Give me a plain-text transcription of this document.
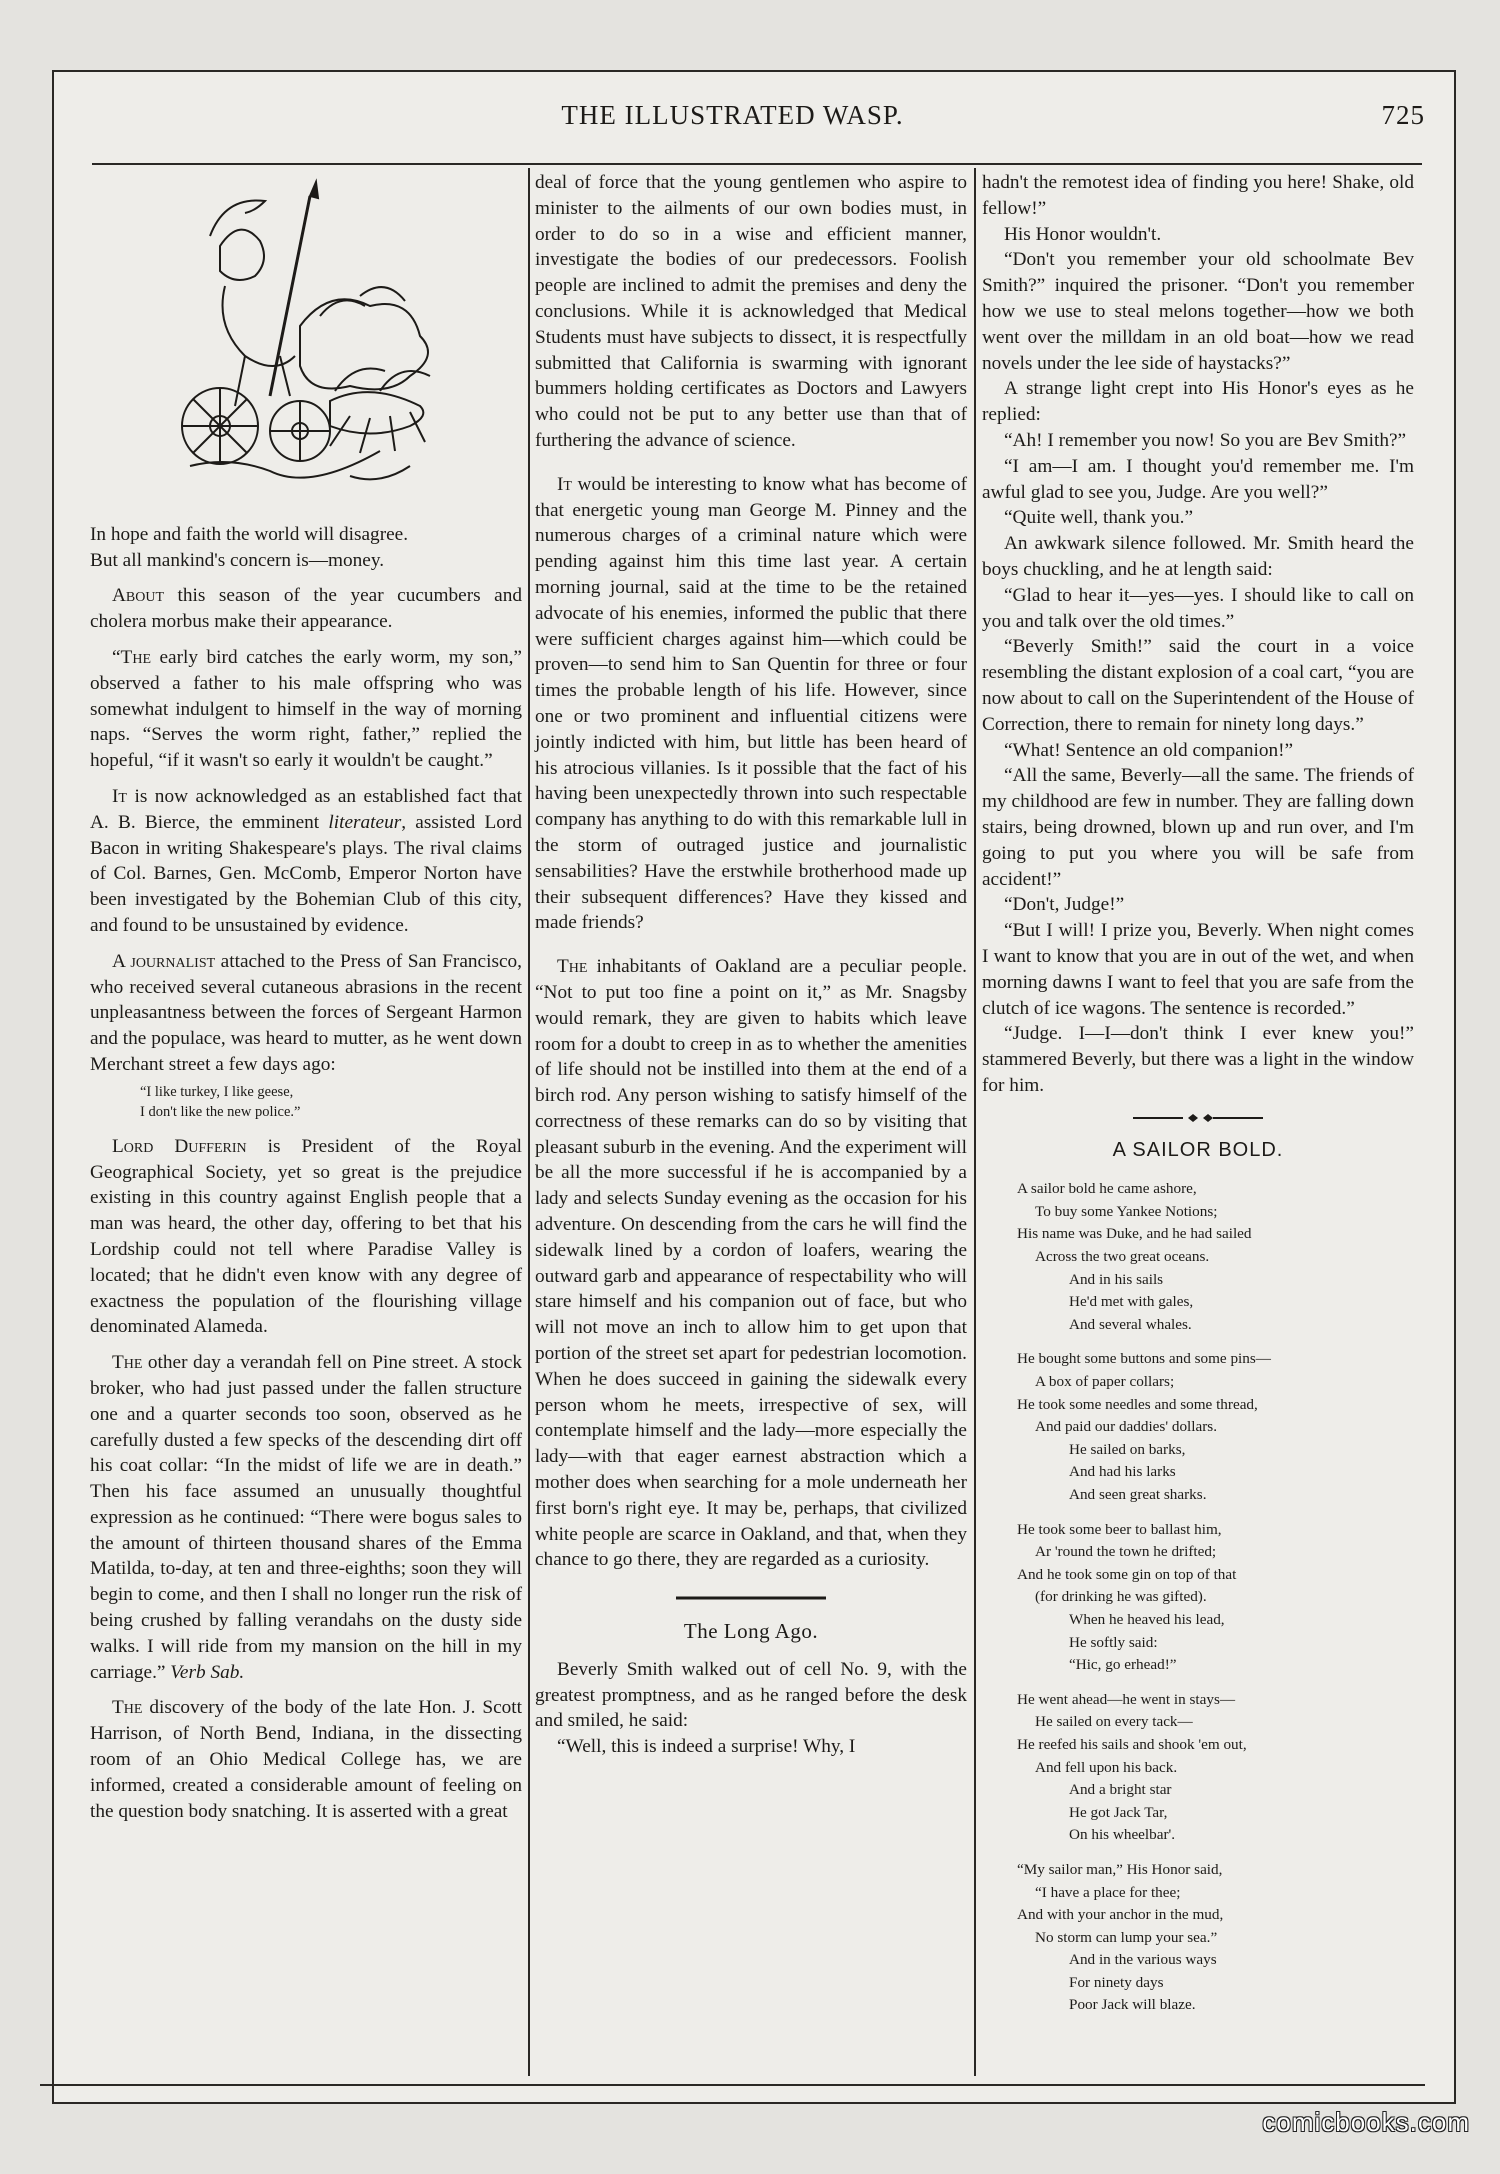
THE ILLUSTRATED WASP.	725

In hope and faith the world will disagree.

But all mankind's concern is—money.

About this season of the year cucumbers and cholera morbus make their appearance.

“The early bird catches the early worm, my son,” observed a father to his male offspring who was somewhat indulgent to himself in the way of morning naps. “Serves the worm right, father,” replied the hopeful, “if it wasn't so early it wouldn't be caught.”

It is now acknowledged as an established fact that A. B. Bierce, the emminent literateur, assisted Lord Bacon in writing Shakespeare's plays. The rival claims of Col. Barnes, Gen. McComb, Emperor Norton have been investigated by the Bohemian Club of this city, and found to be unsustained by evidence.

A journalist attached to the Press of San Francisco, who received several cutaneous abrasions in the recent unpleasantness between the forces of Sergeant Harmon and the populace, was heard to mutter, as he went down Merchant street a few days ago:

“I like turkey, I like geese,
I don't like the new police.”

Lord Dufferin is President of the Royal Geographical Society, yet so great is the prejudice existing in this country against English people that a man was heard, the other day, offering to bet that his Lordship could not tell where Paradise Valley is located; that he didn't even know with any degree of exactness the population of the flourishing village denominated Alameda.

The other day a verandah fell on Pine street. A stock broker, who had just passed under the fallen structure one and a quarter seconds too soon, observed as he carefully dusted a few specks of the descending dirt off his coat collar: “In the midst of life we are in death.” Then his face assumed an unusually thoughtful expression as he continued: “There were bogus sales to the amount of thirteen thousand shares of the Emma Matilda, to-day, at ten and three-eighths; soon they will begin to come, and then I shall no longer run the risk of being crushed by falling verandahs on the dusty side walks. I will ride from my mansion on the hill in my carriage.” Verb Sab.

The discovery of the body of the late Hon. J. Scott Harrison, of North Bend, Indiana, in the dissecting room of an Ohio Medical College has, we are informed, created a considerable amount of feeling on the question body snatching. It is asserted with a great

deal of force that the young gentlemen who aspire to minister to the ailments of our own bodies must, in order to do so in a wise and efficient manner, investigate the bodies of our predecessors. Foolish people are inclined to admit the premises and deny the conclusions. While it is acknowledged that Medical Students must have subjects to dissect, it is respectfully submitted that California is swarming with ignorant bummers holding certificates as Doctors and Lawyers who could not be put to any better use than that of furthering the advance of science.

It would be interesting to know what has become of that energetic young man George M. Pinney and the numerous charges of a criminal nature which were pending against him this time last year. A certain morning journal, said at the time to be the retained advocate of his enemies, informed the public that there were sufficient charges against him—which could be proven—to send him to San Quentin for three or four times the probable length of his life. However, since one or two prominent and influential citizens were jointly indicted with him, but little has been heard of his atrocious villanies. Is it possible that the fact of his having been unexpectedly thrown into such respectable company has anything to do with this remarkable lull in the storm of outraged justice and journalistic sensabilities? Have the erstwhile brotherhood made up their subsequent differences? Have they kissed and made friends?

The inhabitants of Oakland are a peculiar people. “Not to put too fine a point on it,” as Mr. Snagsby would remark, they are given to habits which leave room for a doubt to creep in as to whether the amenities of life should not be instilled into them at the end of a birch rod. Any person wishing to satisfy himself of the correctness of these remarks can do so by visiting that pleasant suburb in the evening. And the experiment will be all the more successful if he is accompanied by a lady and selects Sunday evening as the occasion for his adventure. On descending from the cars he will find the sidewalk lined by a cordon of loafers, wearing the outward garb and appearance of respectability who will stare himself and his companion out of face, but who will not move an inch to allow him to get upon that portion of the street set apart for pedestrian locomotion. When he does succeed in gaining the sidewalk every person whom he meets, irrespective of sex, will contemplate himself and the lady—more especially the lady—with that eager earnest abstraction which a mother does when searching for a mole underneath her first born's right eye. It may be, perhaps, that civilized white people are scarce in Oakland, and that, when they chance to go there, they are regarded as a curiosity.

The Long Ago.

Beverly Smith walked out of cell No. 9, with the greatest promptness, and as he ranged before the desk and smiled, he said:

“Well, this is indeed a surprise! Why, I

hadn't the remotest idea of finding you here! Shake, old fellow!”

His Honor wouldn't.

“Don't you remember your old schoolmate Bev Smith?” inquired the prisoner. “Don't you remember how we use to steal melons together—how we both went over the milldam in an old boat—how we read novels under the lee side of haystacks?”

A strange light crept into His Honor's eyes as he replied:

“Ah! I remember you now! So you are Bev Smith?”

“I am—I am. I thought you'd remember me. I'm awful glad to see you, Judge. Are you well?”

“Quite well, thank you.”

An awkwark silence followed. Mr. Smith heard the boys chuckling, and he at length said:

“Glad to hear it—yes—yes. I should like to call on you and talk over the old times.”

“Beverly Smith!” said the court in a voice resembling the distant explosion of a coal cart, “you are now about to call on the Superintendent of the House of Correction, there to remain for ninety long days.”

“What! Sentence an old companion!”

“All the same, Beverly—all the same. The friends of my childhood are few in number. They are falling down stairs, being drowned, blown up and run over, and I'm going to put you where you will be safe from accident!”

“Don't, Judge!”

“But I will! I prize you, Beverly. When night comes I want to know that you are in out of the wet, and when morning dawns I want to feel that you are safe from the clutch of ice wagons. The sentence is recorded.”

“Judge. I—I—don't think I ever knew you!” stammered Beverly, but there was a light in the window for him.

A SAILOR BOLD.
A sailor bold he came ashore,
To buy some Yankee Notions;
His name was Duke, and he had sailed
Across the two great oceans.
And in his sails
He'd met with gales,
And several whales.
He bought some buttons and some pins—
A box of paper collars;
He took some needles and some thread,
And paid our daddies' dollars.
He sailed on barks,
And had his larks
And seen great sharks.
He took some beer to ballast him,
Ar 'round the town he drifted;
And he took some gin on top of that
(for drinking he was gifted).
When he heaved his lead,
He softly said:
“Hic, go erhead!”
He went ahead—he went in stays—
He sailed on every tack—
He reefed his sails and shook 'em out,
And fell upon his back.
And a bright star
He got Jack Tar,
On his wheelbar'.
“My sailor man,” His Honor said,
“I have a place for thee;
And with your anchor in the mud,
No storm can lump your sea.”
And in the various ways
For ninety days
Poor Jack will blaze.
comicbooks.com
